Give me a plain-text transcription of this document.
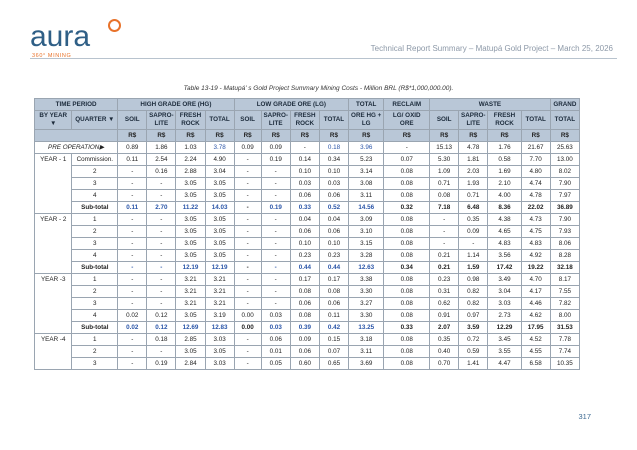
aura
360° MINING
Technical Report Summary – Matupá Gold Project – March 25, 2026
Table 13-19 - Matupá' s Gold Project Summary Mining Costs - Million BRL (R$*1,000,000.00).
TIME PERIOD		HIGH GRADE ORE (HG)				LOW GRADE ORE (LG)				TOTAL	RECLAIM	WASTE				GRAND
BY YEAR ▼	QUARTER ▼	SOIL	SAPRO-LITE	FRESH ROCK	TOTAL	SOIL	SAPRO-LITE	FRESH ROCK	TOTAL	ORE HG + LG	LG/ OXID ORE	SOIL	SAPRO-LITE	FRESH ROCK	TOTAL	TOTAL
		R$	R$	R$	R$	R$	R$	R$	R$	R$	R$	R$	R$	R$	R$	R$
PRE OPERATION▶		0.89	1.86	1.03	3.78	0.09	0.09	-	0.18	3.96	-	15.13	4.78	1.76	21.67	25.63
YEAR - 1	Commission.	0.11	2.54	2.24	4.90	-	0.19	0.14	0.34	5.23	0.07	5.30	1.81	0.58	7.70	13.00
	2	-	0.16	2.88	3.04	-	-	0.10	0.10	3.14	0.08	1.09	2.03	1.69	4.80	8.02
	3	-	-	3.05	3.05	-	-	0.03	0.03	3.08	0.08	0.71	1.93	2.10	4.74	7.90
	4	-	-	3.05	3.05	-	-	0.06	0.06	3.11	0.08	0.08	0.71	4.00	4.78	7.97
	Sub-total	0.11	2.70	11.22	14.03	-	0.19	0.33	0.52	14.56	0.32	7.18	6.48	8.36	22.02	36.89
YEAR - 2	1	-	-	3.05	3.05	-	-	0.04	0.04	3.09	0.08	-	0.35	4.38	4.73	7.90
	2	-	-	3.05	3.05	-	-	0.06	0.06	3.10	0.08	-	0.09	4.65	4.75	7.93
	3	-	-	3.05	3.05	-	-	0.10	0.10	3.15	0.08	-	-	4.83	4.83	8.06
	4	-	-	3.05	3.05	-	-	0.23	0.23	3.28	0.08	0.21	1.14	3.56	4.92	8.28
	Sub-total	-	-	12.19	12.19	-	-	0.44	0.44	12.63	0.34	0.21	1.59	17.42	19.22	32.18
YEAR -3	1	-	-	3.21	3.21	-	-	0.17	0.17	3.38	0.08	0.23	0.98	3.49	4.70	8.17
	2	-	-	3.21	3.21	-	-	0.08	0.08	3.30	0.08	0.31	0.82	3.04	4.17	7.55
	3	-	-	3.21	3.21	-	-	0.06	0.06	3.27	0.08	0.62	0.82	3.03	4.46	7.82
	4	0.02	0.12	3.05	3.19	0.00	0.03	0.08	0.11	3.30	0.08	0.91	0.97	2.73	4.62	8.00
	Sub-total	0.02	0.12	12.69	12.83	0.00	0.03	0.39	0.42	13.25	0.33	2.07	3.59	12.29	17.95	31.53
YEAR -4	1	-	0.18	2.85	3.03	-	0.06	0.09	0.15	3.18	0.08	0.35	0.72	3.45	4.52	7.78
	2	-	-	3.05	3.05	-	0.01	0.06	0.07	3.11	0.08	0.40	0.59	3.55	4.55	7.74
	3	-	0.19	2.84	3.03	-	0.05	0.60	0.65	3.69	0.08	0.70	1.41	4.47	6.58	10.35
317
